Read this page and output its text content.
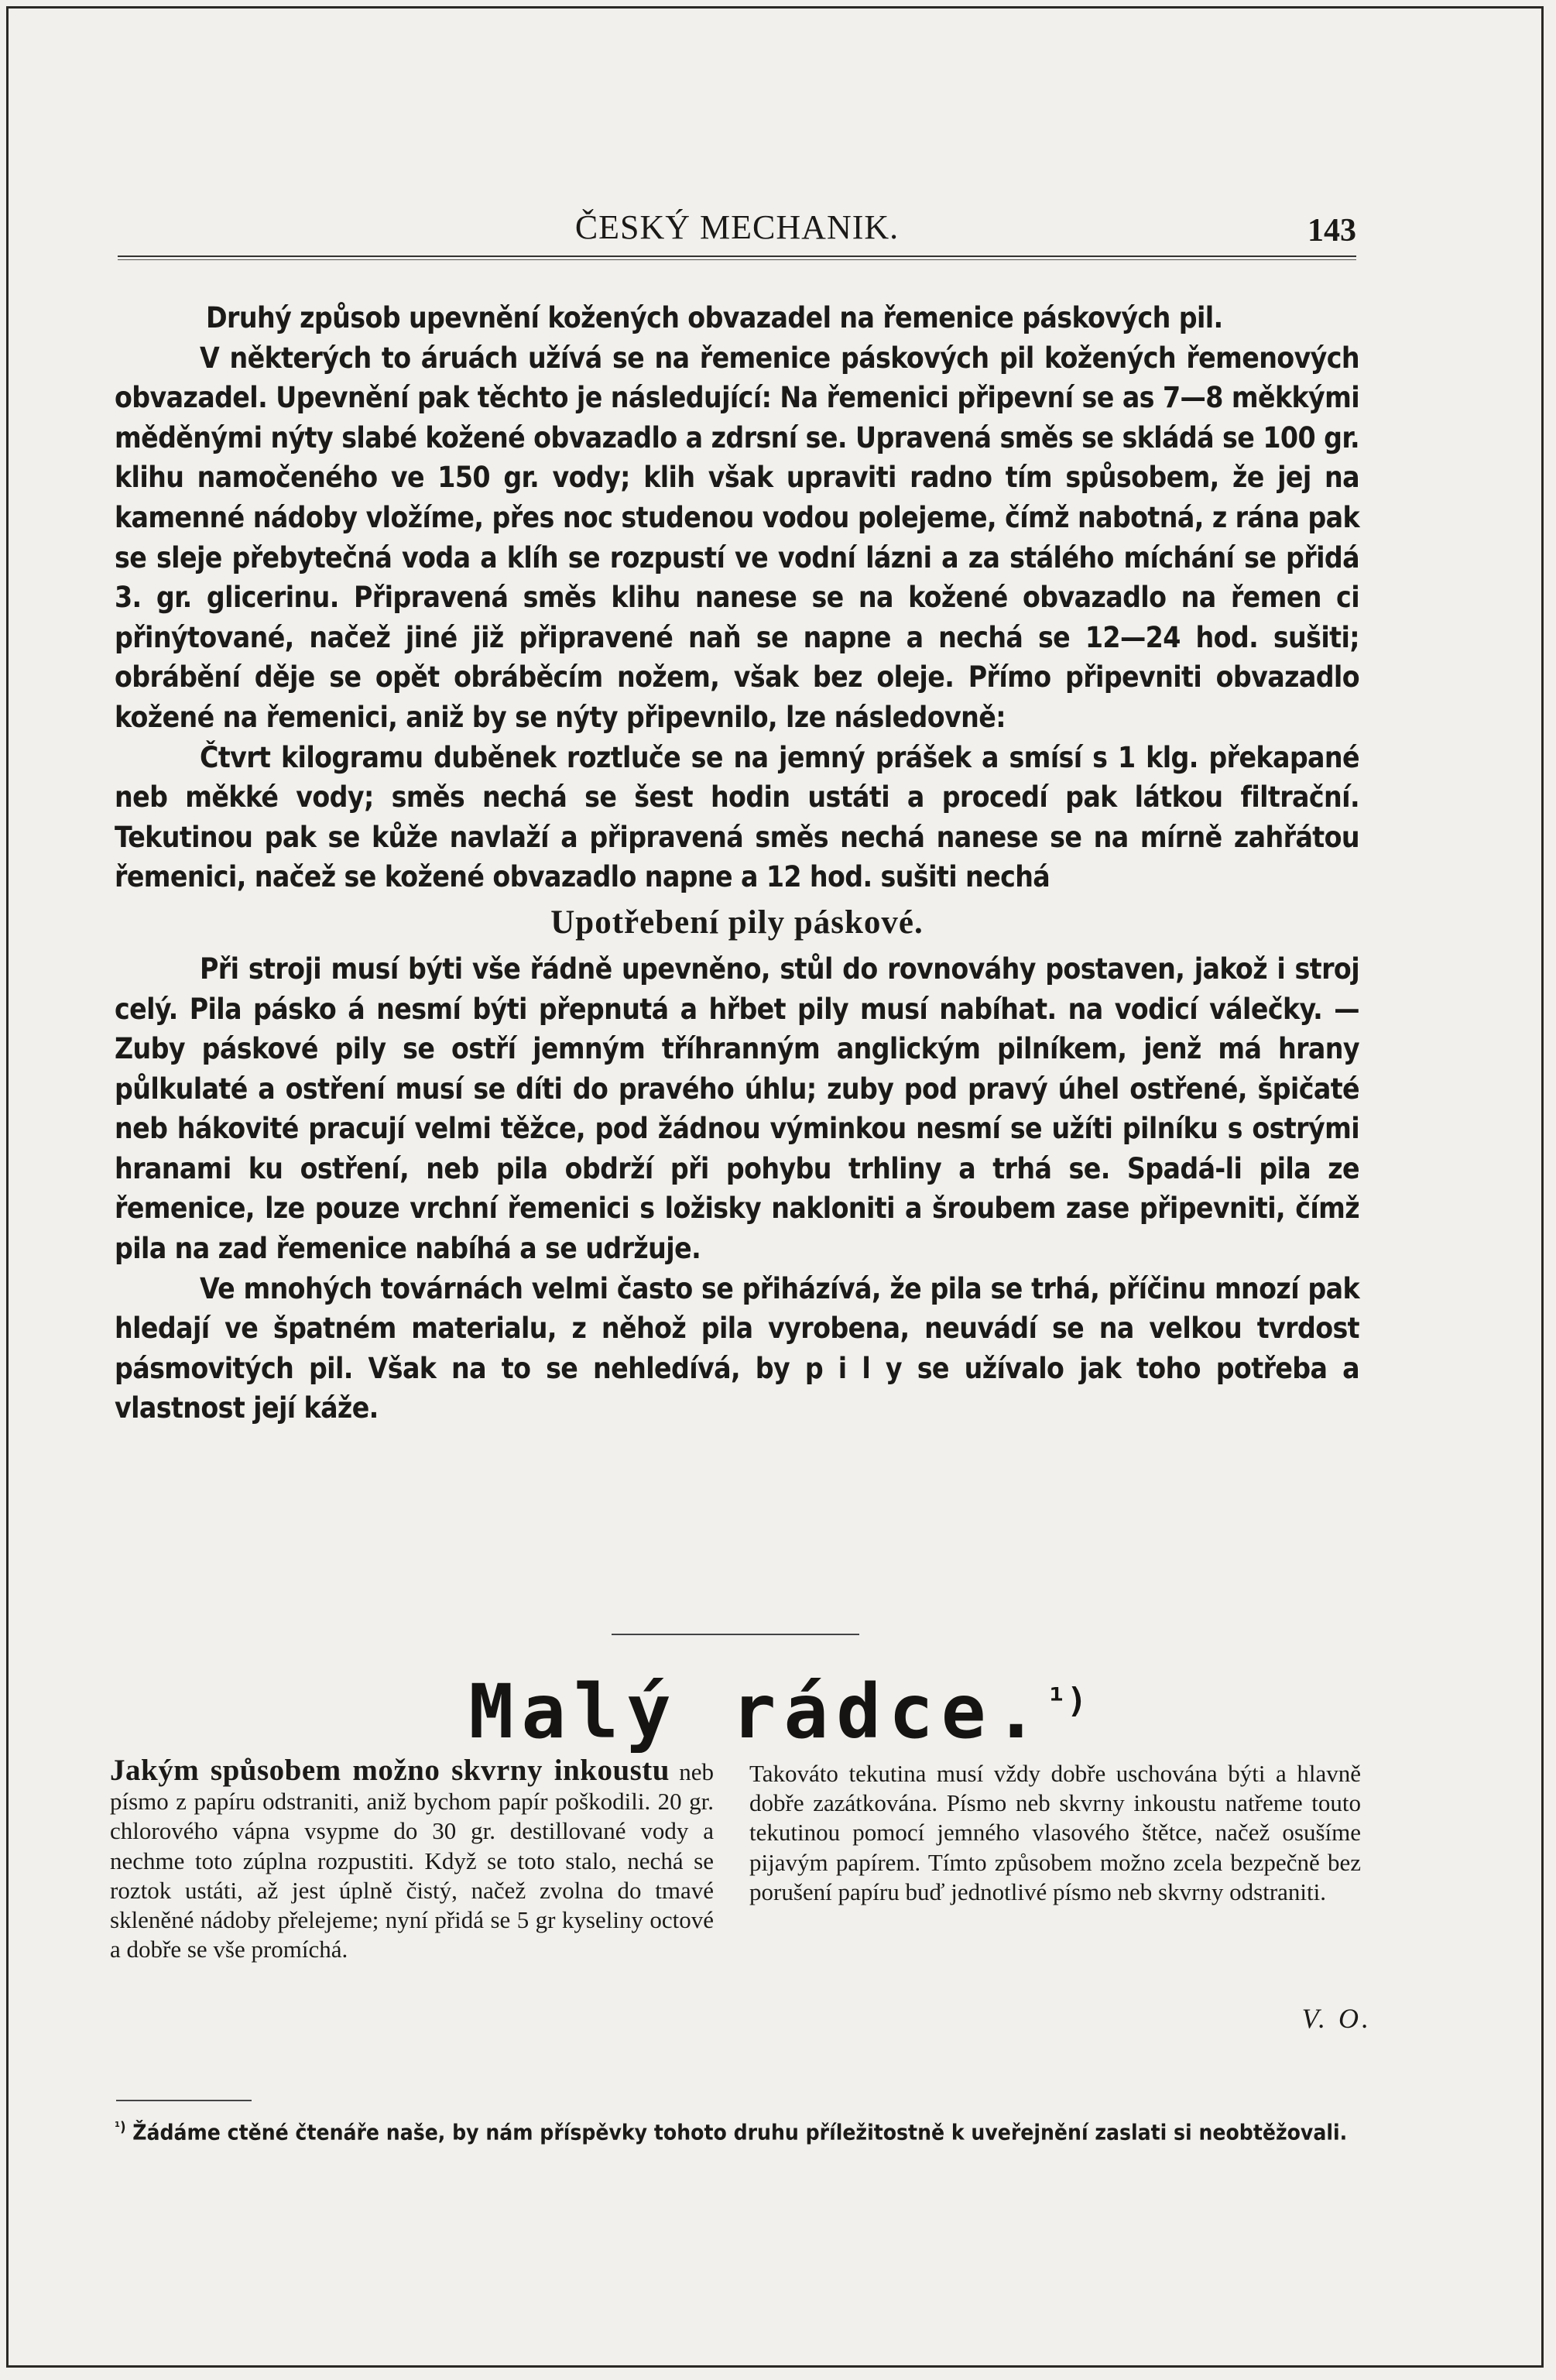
ČESKÝ MECHANIK.	143

Druhý způsob upevnění kožených obvazadel na řemenice páskových pil.

V některých to áruách užívá se na řemenice páskových pil kožených řemenových obvazadel. Upevnění pak těchto je následující: Na řemenici připevní se as 7—8 měkkými měděnými nýty slabé kožené obvazadlo a zdrsní se. Upravená směs se skládá se 100 gr. klihu namočeného ve 150 gr. vody; klih však upraviti radno tím spůsobem, že jej na kamenné nádoby vložíme, přes noc studenou vodou polejeme, čímž nabotná, z rána pak se sleje přebytečná voda a klíh se rozpustí ve vodní lázni a za stálého míchání se přidá 3. gr. glicerinu. Připravená směs klihu nanese se na kožené obvazadlo na řemen ci přinýtované, načež jiné již připravené naň se napne a nechá se 12—24 hod. sušiti; obrábění děje se opět obráběcím nožem, však bez oleje. Přímo připevniti obvazadlo kožené na řemenici, aniž by se nýty připevnilo, lze následovně:

Čtvrt kilogramu duběnek roztluče se na jemný prášek a smísí s 1 klg. překapané neb měkké vody; směs nechá se šest hodin ustáti a procedí pak látkou filtrační. Tekutinou pak se kůže navlaží a připravená směs nechá nanese se na mírně zahřátou řemenici, načež se kožené obvazadlo napne a 12 hod. sušiti nechá

Upotřebení pily páskové.

Při stroji musí býti vše řádně upevněno, stůl do rovnováhy postaven, jakož i stroj celý. Pila pásko á nesmí býti přepnutá a hřbet pily musí nabíhat. na vodicí válečky. — Zuby páskové pily se ostří jemným tříhranným anglickým pilníkem, jenž má hrany půlkulaté a ostření musí se díti do pravého úhlu; zuby pod pravý úhel ostřené, špičaté neb hákovité pracují velmi těžce, pod žádnou výminkou nesmí se užíti pilníku s ostrými hranami ku ostření, neb pila obdrží při pohybu trhliny a trhá se. Spadá-li pila ze řemenice, lze pouze vrchní řemenici s ložisky nakloniti a šroubem zase připevniti, čímž pila na zad řemenice nabíhá a se udržuje.

Ve mnohých továrnách velmi často se přiházívá, že pila se trhá, příčinu mnozí pak hledají ve špatném materialu, z něhož pila vyrobena, neuvádí se na velkou tvrdost pásmovitých pil. Však na to se nehledívá, by p i l y se užívalo jak toho potřeba a vlastnost její káže.

Malý rádce.$^{^1)}$

Jakým spůsobem možno skvrny inkoustu neb písmo z papíru odstraniti, aniž bychom papír poškodili. 20 gr. chlorového vápna vsypme do 30 gr. destillované vody a nechme toto zúplna rozpustiti. Když se toto stalo, nechá se roztok ustáti, až jest úplně čistý, načež zvolna do tmavé skleněné nádoby přelejeme; nyní přidá se 5 gr kyseliny octové a dobře se vše promíchá.

Takováto tekutina musí vždy dobře uschována býti a hlavně dobře zazátkována. Písmo neb skvrny inkoustu natřeme touto tekutinou pomocí jemného vlasového štětce, načež osušíme pijavým papírem. Tímto způsobem možno zcela bezpečně bez porušení papíru buď jednotlivé písmo neb skvrny odstraniti.

V. O.
$^{^1)}$ Žádáme ctěné čtenáře naše, by nám příspěvky tohoto druhu příležitostně k uveřejnění zaslati si neobtěžovali.
